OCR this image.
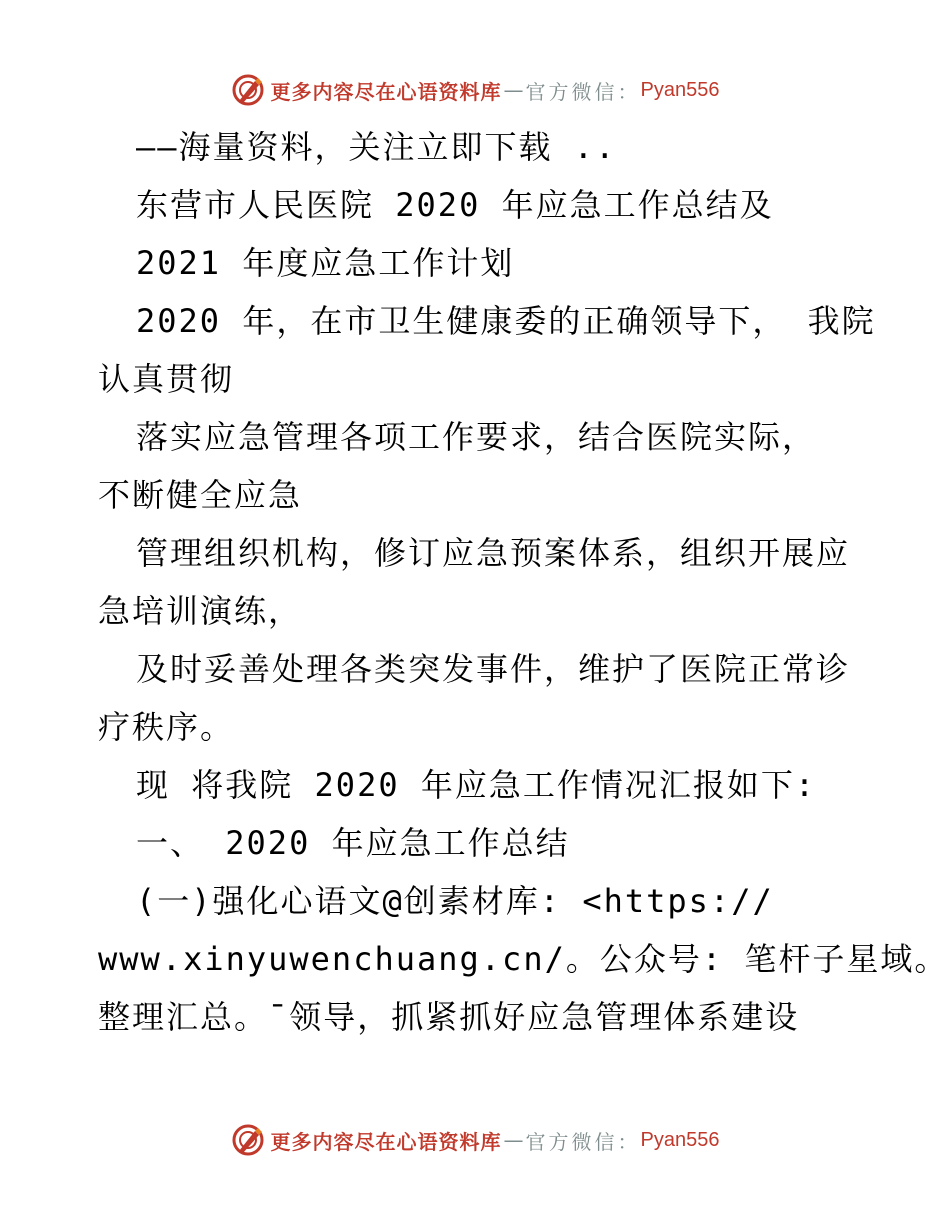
更多内容尽在心语资料库 — 官方微信： Pyan556
——海量资料，关注立即下载 ..
东营市人民医院 2020 年应急工作总结及
2021 年度应急工作计划
2020 年，在市卫生健康委的正确领导下， 我院
认真贯彻
落实应急管理各项工作要求，结合医院实际，
不断健全应急
管理组织机构，修订应急预案体系，组织开展应
急培训演练，
及时妥善处理各类突发事件，维护了医院正常诊
疗秩序。
现 将我院 2020 年应急工作情况汇报如下:
一、 2020 年应急工作总结
(一)强化心语文@创素材库: <https://
www.xinyuwenchuang.cn/。公众号: 笔杆子星域。
整理汇总。¯领导，抓紧抓好应急管理体系建设
更多内容尽在心语资料库 — 官方微信： Pyan556
